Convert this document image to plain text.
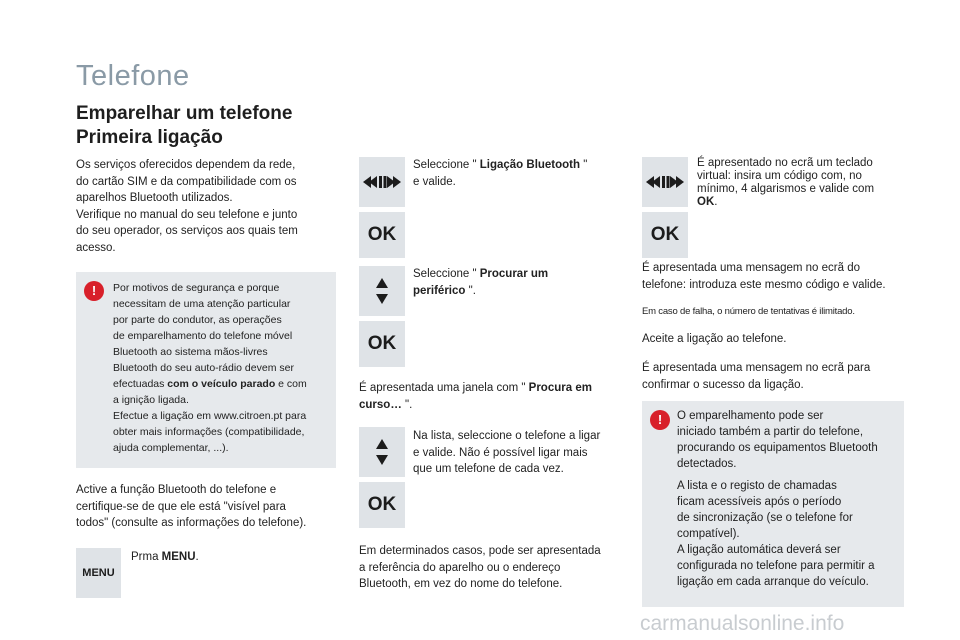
Telefone
Emparelhar um telefone
Primeira ligação
Os serviços oferecidos dependem da rede,
do cartão SIM e da compatibilidade com os
aparelhos Bluetooth utilizados.
Verifique no manual do seu telefone e junto
do seu operador, os serviços aos quais tem
acesso.
!	Por motivos de segurança e porque
necessitam de uma atenção particular
por parte do condutor, as operações
de emparelhamento do telefone móvel
Bluetooth ao sistema mãos-livres
Bluetooth do seu auto-rádio devem ser
efectuadas com o veículo parado e com
a ignição ligada.
Efectue a ligação em www.citroen.pt para
obter mais informações (compatibilidade,
ajuda complementar, ...).
Active a função Bluetooth do telefone e
certifique-se de que ele está "visível para
todos" (consulte as informações do telefone).
MENU
Prma MENU.
Seleccione " Ligação Bluetooth "
e valide.
OK
Seleccione " Procurar um
periférico ".
OK
É apresentada uma janela com " Procura em
curso… ".
Na lista, seleccione o telefone a ligar
e valide. Não é possível ligar mais
que um telefone de cada vez.
OK
Em determinados casos, pode ser apresentada
a referência do aparelho ou o endereço
Bluetooth, em vez do nome do telefone.
É apresentado no ecrã um teclado
virtual: insira um código com, no
mínimo, 4 algarismos e valide com
OK.
OK
É apresentada uma mensagem no ecrã do
telefone: introduza este mesmo código e valide.
Em caso de falha, o número de tentativas é ilimitado.
Aceite a ligação ao telefone.
É apresentada uma mensagem no ecrã para
confirmar o sucesso da ligação.
!	O emparelhamento pode ser
iniciado também a partir do telefone,
procurando os equipamentos Bluetooth
detectados.
A lista e o registo de chamadas
ficam acessíveis após o período
de sincronização (se o telefone for
compatível).
A ligação automática deverá ser
configurada no telefone para permitir a
ligação em cada arranque do veículo.
carmanualsonline.info
